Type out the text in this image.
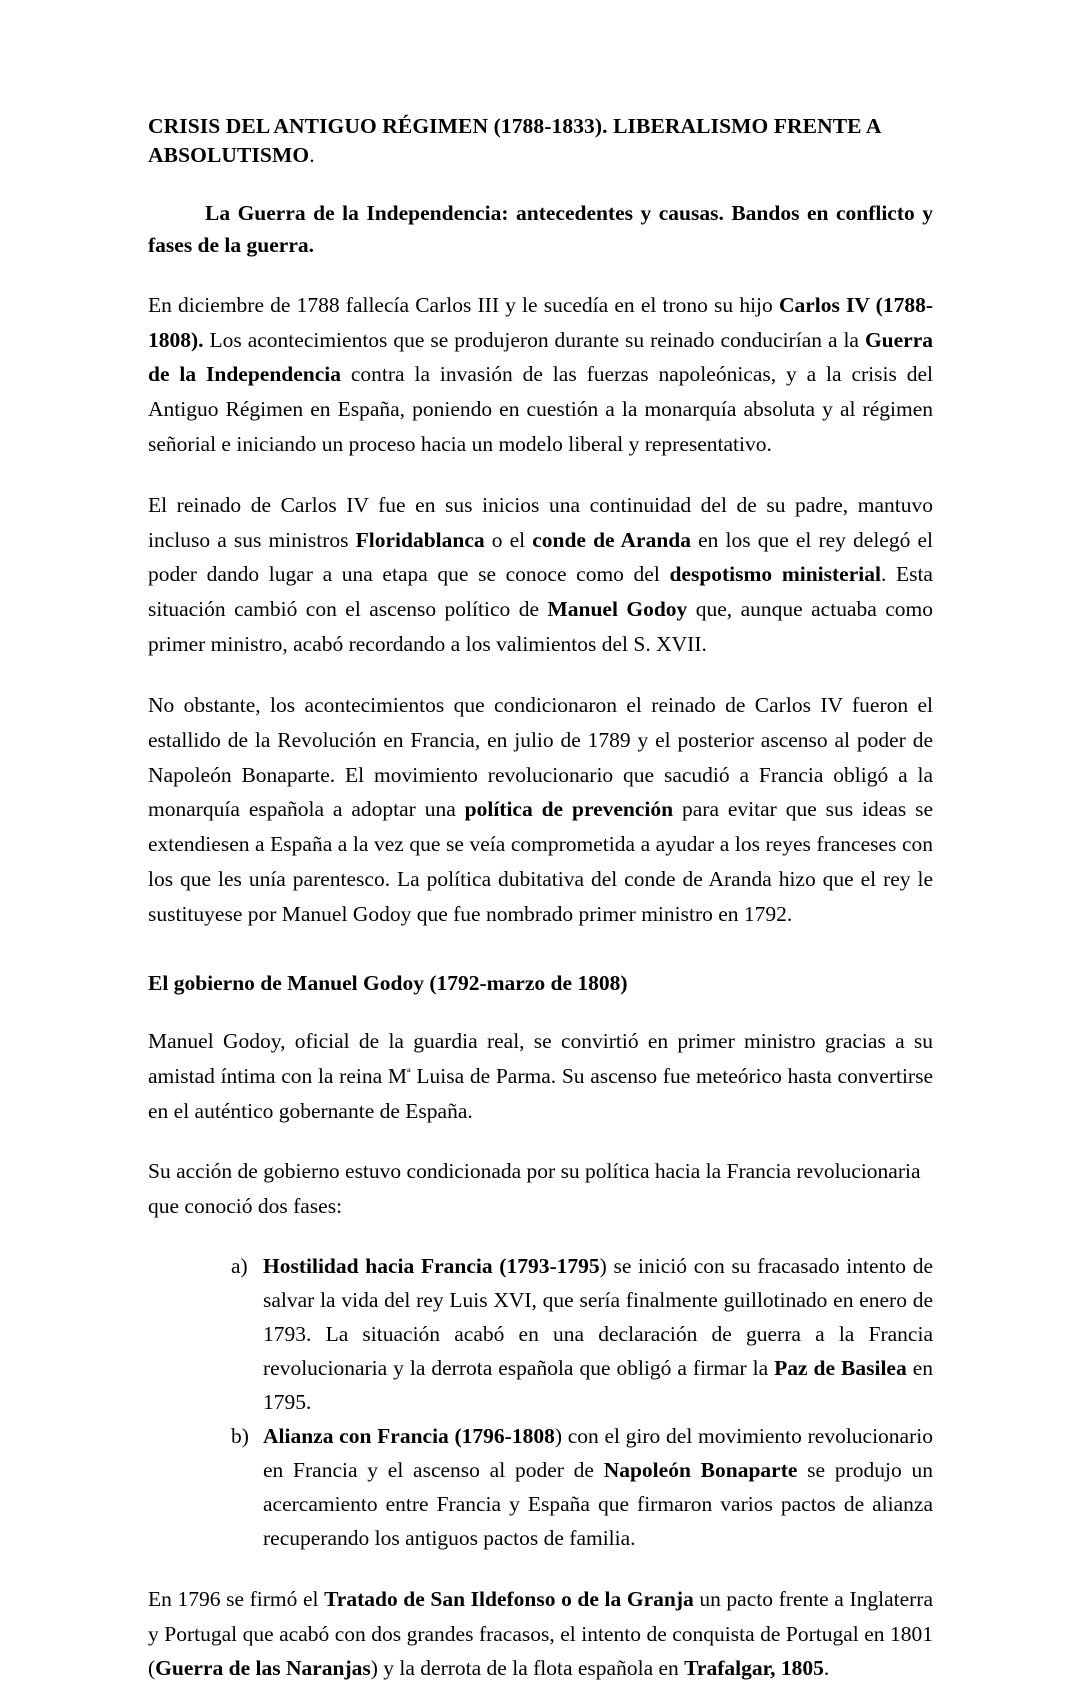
CRISIS DEL ANTIGUO RÉGIMEN (1788-1833). LIBERALISMO FRENTE A ABSOLUTISMO.

La Guerra de la Independencia: antecedentes y causas. Bandos en conflicto y fases de la guerra.

En diciembre de 1788 fallecía Carlos III y le sucedía en el trono su hijo Carlos IV (1788-1808). Los acontecimientos que se produjeron durante su reinado conducirían a la Guerra de la Independencia contra la invasión de las fuerzas napoleónicas, y a la crisis del Antiguo Régimen en España, poniendo en cuestión a la monarquía absoluta y al régimen señorial e iniciando un proceso hacia un modelo liberal y representativo.

El reinado de Carlos IV fue en sus inicios una continuidad del de su padre, mantuvo incluso a sus ministros Floridablanca o el conde de Aranda en los que el rey delegó el poder dando lugar a una etapa que se conoce como del despotismo ministerial. Esta situación cambió con el ascenso político de Manuel Godoy que, aunque actuaba como primer ministro, acabó recordando a los valimientos del S. XVII.

No obstante, los acontecimientos que condicionaron el reinado de Carlos IV fueron el estallido de la Revolución en Francia, en julio de 1789 y el posterior ascenso al poder de Napoleón Bonaparte. El movimiento revolucionario que sacudió a Francia obligó a la monarquía española a adoptar una política de prevención para evitar que sus ideas se extendiesen a España a la vez que se veía comprometida a ayudar a los reyes franceses con los que les unía parentesco. La política dubitativa del conde de Aranda hizo que el rey le sustituyese por Manuel Godoy que fue nombrado primer ministro en 1792.

El gobierno de Manuel Godoy (1792-marzo de 1808)

Manuel Godoy, oficial de la guardia real, se convirtió en primer ministro gracias a su amistad íntima con la reina $M^ª$ Luisa de Parma. Su ascenso fue meteórico hasta convertirse en el auténtico gobernante de España.

Su acción de gobierno estuvo condicionada por su política hacia la Francia revolucionaria que conoció dos fases:

a) Hostilidad hacia Francia (1793-1795) se inició con su fracasado intento de salvar la vida del rey Luis XVI, que sería finalmente guillotinado en enero de 1793. La situación acabó en una declaración de guerra a la Francia revolucionaria y la derrota española que obligó a firmar la Paz de Basilea en 1795.
b) Alianza con Francia (1796-1808) con el giro del movimiento revolucionario en Francia y el ascenso al poder de Napoleón Bonaparte se produjo un acercamiento entre Francia y España que firmaron varios pactos de alianza recuperando los antiguos pactos de familia.

En 1796 se firmó el Tratado de San Ildefonso o de la Granja un pacto frente a Inglaterra y Portugal que acabó con dos grandes fracasos, el intento de conquista de Portugal en 1801 (Guerra de las Naranjas) y la derrota de la flota española en Trafalgar, 1805.
